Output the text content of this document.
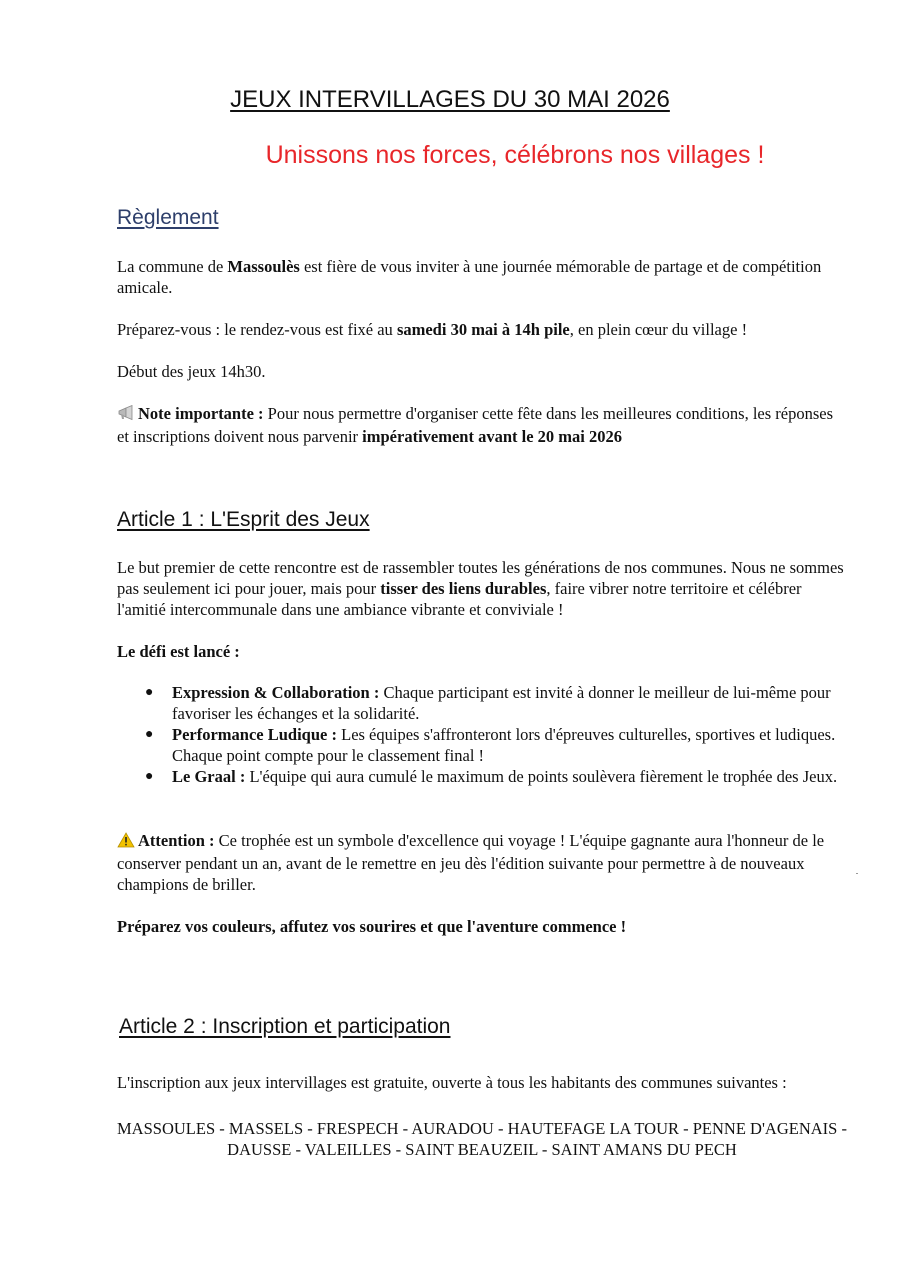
JEUX INTERVILLAGES DU 30 MAI 2026
Unissons nos forces, célébrons nos villages !
Règlement
La commune de Massoulès est fière de vous inviter à une journée mémorable de partage et de compétition amicale.
Préparez-vous : le rendez-vous est fixé au samedi 30 mai à 14h pile, en plein cœur du village !
Début des jeux 14h30.
Note importante : Pour nous permettre d'organiser cette fête dans les meilleures conditions, les réponses et inscriptions doivent nous parvenir impérativement avant le 20 mai 2026
Article 1 : L'Esprit des Jeux
Le but premier de cette rencontre est de rassembler toutes les générations de nos communes. Nous ne sommes pas seulement ici pour jouer, mais pour tisser des liens durables, faire vibrer notre territoire et célébrer l'amitié intercommunale dans une ambiance vibrante et conviviale !
Le défi est lancé :
● Expression & Collaboration : Chaque participant est invité à donner le meilleur de lui-même pour favoriser les échanges et la solidarité.
● Performance Ludique : Les équipes s'affronteront lors d'épreuves culturelles, sportives et ludiques. Chaque point compte pour le classement final !
● Le Graal : L'équipe qui aura cumulé le maximum de points soulèvera fièrement le trophée des Jeux.
Attention : Ce trophée est un symbole d'excellence qui voyage ! L'équipe gagnante aura l'honneur de le conserver pendant un an, avant de le remettre en jeu dès l'édition suivante pour permettre à de nouveaux champions de briller.
Préparez vos couleurs, affutez vos sourires et que l'aventure commence !
Article 2 : Inscription et participation
L'inscription aux jeux intervillages est gratuite, ouverte à tous les habitants des communes suivantes :
MASSOULES - MASSELS - FRESPECH - AURADOU - HAUTEFAGE LA TOUR - PENNE D'AGENAIS - DAUSSE - VALEILLES - SAINT BEAUZEIL - SAINT AMANS DU PECH
